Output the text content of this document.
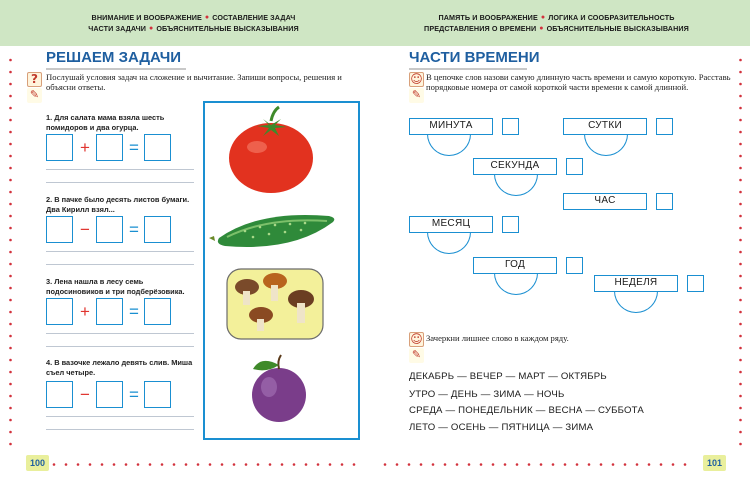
ВНИМАНИЕ И ВООБРАЖЕНИЕ ● СОСТАВЛЕНИЕ ЗАДАЧ
ЧАСТИ ЗАДАЧИ ● ОБЪЯСНИТЕЛЬНЫЕ ВЫСКАЗЫВАНИЯ
ПАМЯТЬ И ВООБРАЖЕНИЕ ● ЛОГИКА И СООБРАЗИТЕЛЬНОСТЬ
ПРЕДСТАВЛЕНИЯ О ВРЕМЕНИ ● ОБЪЯСНИТЕЛЬНЫЕ ВЫСКАЗЫВАНИЯ
РЕШАЕМ ЗАДАЧИ
?
✎
Послушай условия задач на сложение и вычитание. Запиши вопросы, решения и объясни ответы.
1. Для салата мама взяла шесть помидоров и два огурца.
+ =
2. В пачке было десять листов бумаги. Два Кирилл взял...
− =
3. Лена нашла в лесу семь подосиновиков и три подберёзовика.
+ =
4. В вазочке лежало девять слив. Миша съел четыре.
− =
100
ЧАСТИ ВРЕМЕНИ
☺
✎
В цепочке слов назови самую длинную часть времени и самую короткую. Расставь порядковые номера от самой короткой части времени к самой длинной.
МИНУТА	СУТКИ
СЕКУНДА
ЧАС
МЕСЯЦ
ГОД
НЕДЕЛЯ
☺
✎
Зачеркни лишнее слово в каждом ряду.
ДЕКАБРЬ — ВЕЧЕР — МАРТ — ОКТЯБРЬ
УТРО — ДЕНЬ — ЗИМА — НОЧЬ
СРЕДА — ПОНЕДЕЛЬНИК — ВЕСНА — СУББОТА
ЛЕТО — ОСЕНЬ — ПЯТНИЦА — ЗИМА
101
